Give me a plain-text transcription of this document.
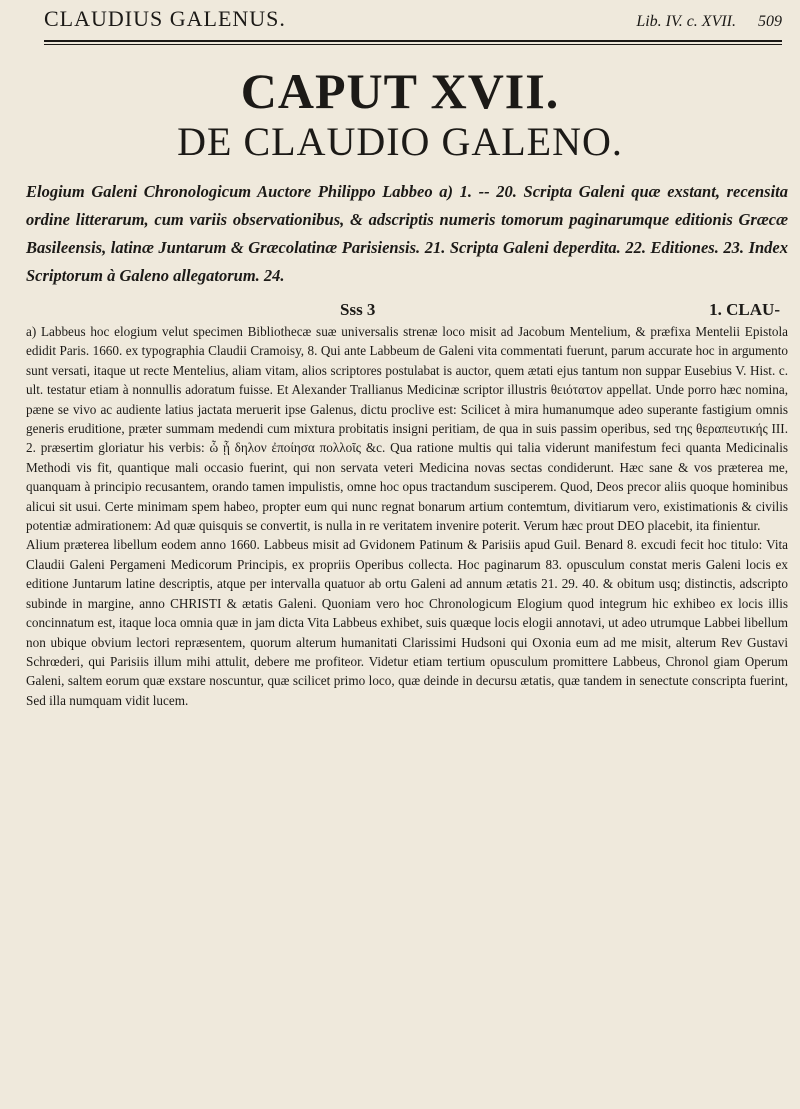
CLAUDIUS GALENUS.	Lib. IV. c. XVII. 509
CAPUT XVII.
DE CLAUDIO GALENO.
Elogium Galeni Chronologicum Auctore Philippo Labbeo a) 1. -- 20. Scripta Galeni quæ exstant, recensita ordine litterarum, cum variis observationibus, & adscriptis numeris tomorum paginarumque editionis Græcæ Basileensis, latinæ Juntarum & Græcolatinæ Parisiensis. 21. Scripta Galeni deperdita. 22. Editiones. 23. Index Scriptorum à Galeno allegatorum. 24.
Sss 3	1. CLAU-

a) Labbeus hoc elogium velut specimen Bibliothecæ suæ universalis strenæ loco misit ad Jacobum Mentelium, & præfixa Mentelii Epistola edidit Paris. 1660. ex typographia Claudii Cramoisy, 8. Qui ante Labbeum de Galeni vita commentati fuerunt, parum accurate hoc in argumento sunt versati, itaque ut recte Mentelius, aliam vitam, alios scriptores postulabat is auctor, quem ætati ejus tantum non suppar Eusebius V. Hist. c. ult. testatur etiam à nonnullis adoratum fuisse. Et Alexander Trallianus Medicinæ scriptor illustris θειότατον appellat. Unde porro hæc nomina, pæne se vivo ac audiente latius jactata meruerit ipse Galenus, dictu proclive est: Scilicet à mira humanumque adeo superante fastigium omnis generis eruditione, præter summam medendi cum mixtura probitatis insigni peritiam, de qua in suis passim operibus, sed της θεραπευτικής III. 2. præsertim gloriatur his verbis: ὦ ᾗ δηλον ἐποίησα πολλοῖς &c. Qua ratione multis qui talia viderunt manifestum feci quanta Medicinalis Methodi vis fit, quantique mali occasio fuerint, qui non servata veteri Medicina novas sectas condiderunt. Hæc sane & vos præterea me, quanquam à principio recusantem, orando tamen impulistis, omne hoc opus tractandum susciperem. Quod, Deos precor aliis quoque hominibus alicui sit usui. Certe minimam spem habeo, propter eum qui nunc regnat bonarum artium contemtum, divitiarum vero, existimationis & civilis potentiæ admirationem: Ad quæ quisquis se convertit, is nulla in re veritatem invenire poterit. Verum hæc prout DEO placebit, ita finientur.

Alium præterea libellum eodem anno 1660. Labbeus misit ad Gvidonem Patinum & Parisiis apud Guil. Benard 8. excudi fecit hoc titulo: Vita Claudii Galeni Pergameni Medicorum Principis, ex propriis Operibus collecta. Hoc paginarum 83. opusculum constat meris Galeni locis ex editione Juntarum latine descriptis, atque per intervalla quatuor ab ortu Galeni ad annum ætatis 21. 29. 40. & obitum usq; distinctis, adscripto subinde in margine, anno CHRISTI & ætatis Galeni. Quoniam vero hoc Chronologicum Elogium quod integrum hic exhibeo ex locis illis concinnatum est, itaque loca omnia quæ in jam dicta Vita Labbeus exhibet, suis quæque locis elogii annotavi, ut adeo utrumque Labbei libellum non ubique obvium lectori repræsentem, quorum alterum humanitati Clarissimi Hudsoni qui Oxonia eum ad me misit, alterum Rev Gustavi Schrœderi, qui Parisiis illum mihi attulit, debere me profiteor. Videtur etiam tertium opusculum promittere Labbeus, Chronol giam Operum Galeni, saltem eorum quæ exstare noscuntur, quæ scilicet primo loco, quæ deinde in decursu ætatis, quæ tandem in senectute conscripta fuerint, Sed illa numquam vidit lucem.
